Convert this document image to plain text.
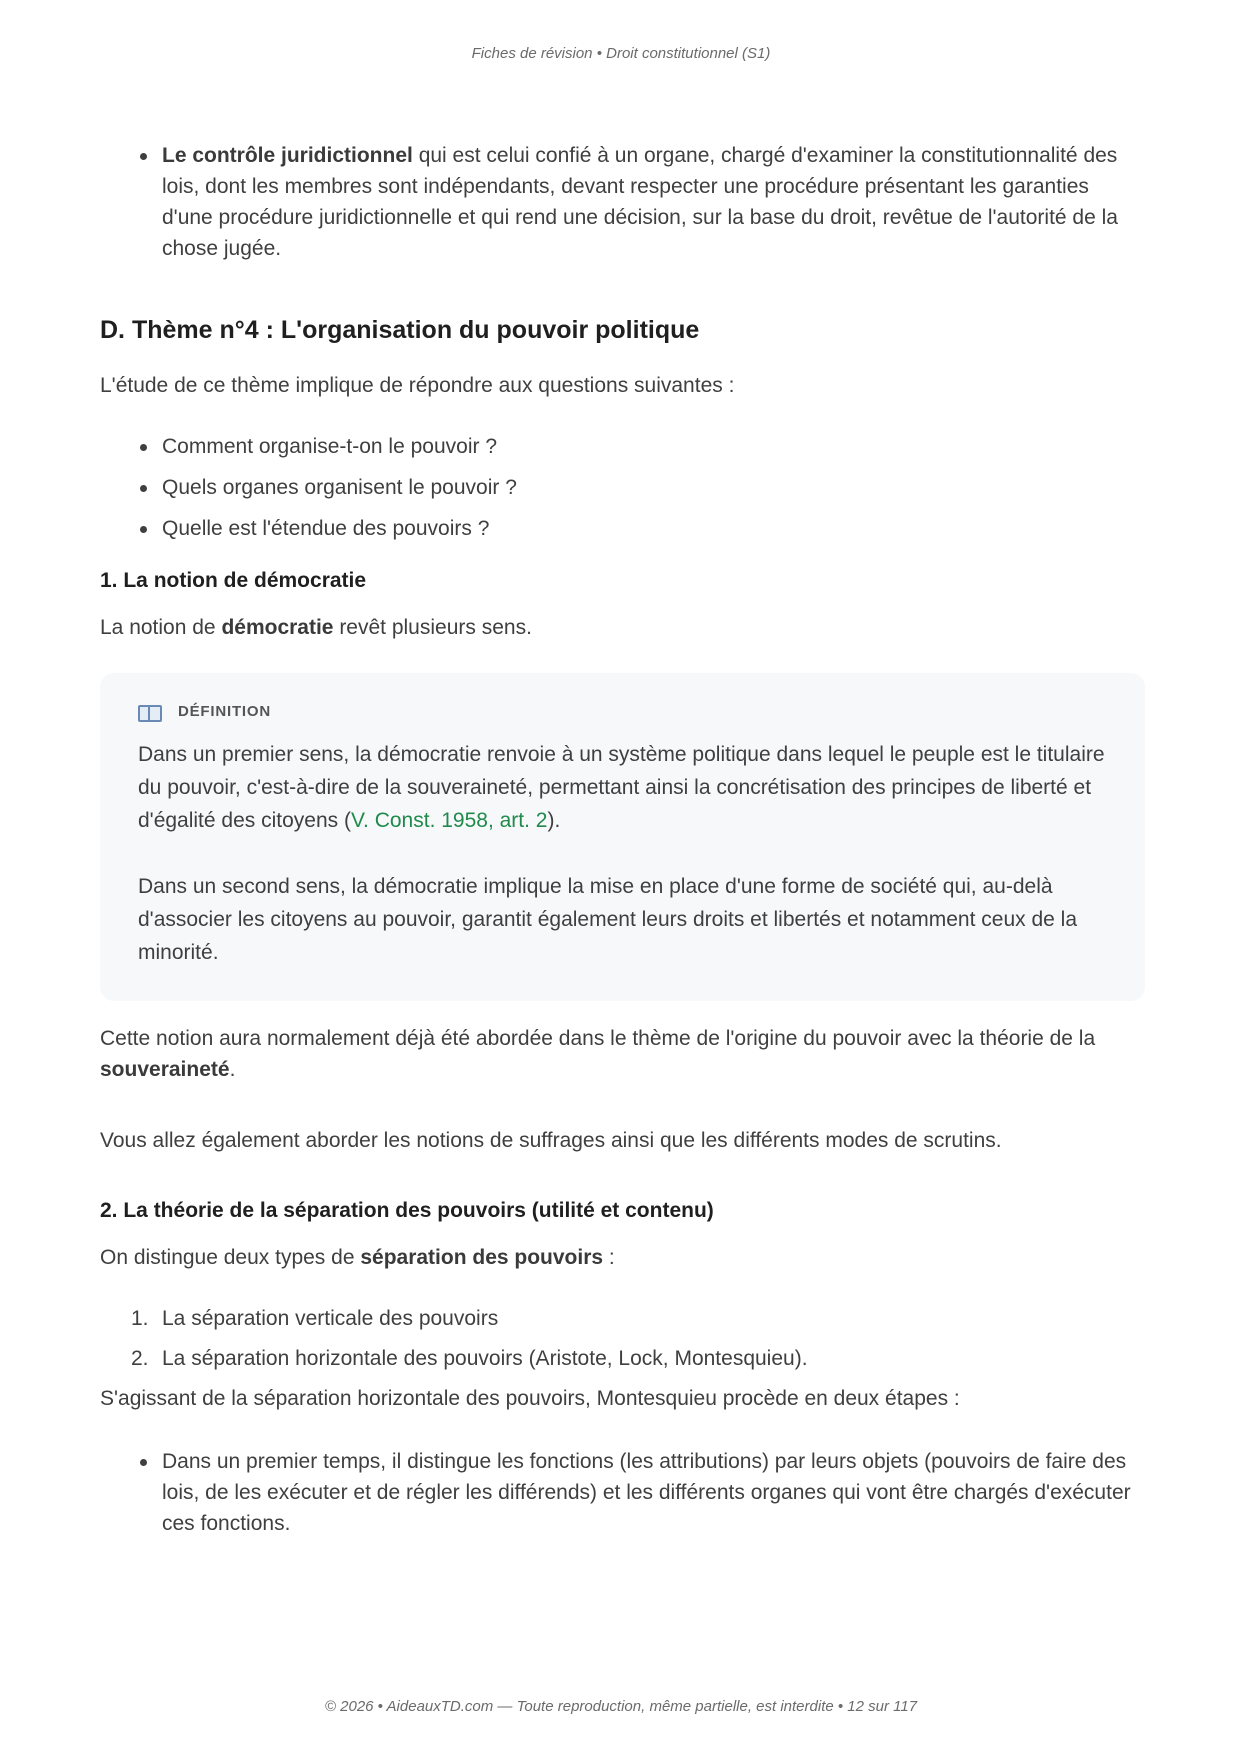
Fiches de révision • Droit constitutionnel (S1)
Le contrôle juridictionnel qui est celui confié à un organe, chargé d'examiner la constitutionnalité des lois, dont les membres sont indépendants, devant respecter une procédure présentant les garanties d'une procédure juridictionnelle et qui rend une décision, sur la base du droit, revêtue de l'autorité de la chose jugée.
D. Thème n°4 : L'organisation du pouvoir politique

L'étude de ce thème implique de répondre aux questions suivantes :

Comment organise-t-on le pouvoir ?
Quels organes organisent le pouvoir ?
Quelle est l'étendue des pouvoirs ?
1. La notion de démocratie

La notion de démocratie revêt plusieurs sens.

DÉFINITION

Dans un premier sens, la démocratie renvoie à un système politique dans lequel le peuple est le titulaire du pouvoir, c'est-à-dire de la souveraineté, permettant ainsi la concrétisation des principes de liberté et d'égalité des citoyens (V. Const. 1958, art. 2).

Dans un second sens, la démocratie implique la mise en place d'une forme de société qui, au-delà d'associer les citoyens au pouvoir, garantit également leurs droits et libertés et notamment ceux de la minorité.

Cette notion aura normalement déjà été abordée dans le thème de l'origine du pouvoir avec la théorie de la souveraineté.

Vous allez également aborder les notions de suffrages ainsi que les différents modes de scrutins.

2. La théorie de la séparation des pouvoirs (utilité et contenu)

On distingue deux types de séparation des pouvoirs :

1. La séparation verticale des pouvoirs
2. La séparation horizontale des pouvoirs (Aristote, Lock, Montesquieu).

S'agissant de la séparation horizontale des pouvoirs, Montesquieu procède en deux étapes :

Dans un premier temps, il distingue les fonctions (les attributions) par leurs objets (pouvoirs de faire des lois, de les exécuter et de régler les différends) et les différents organes qui vont être chargés d'exécuter ces fonctions.
© 2026 • AideauxTD.com — Toute reproduction, même partielle, est interdite • 12 sur 117
